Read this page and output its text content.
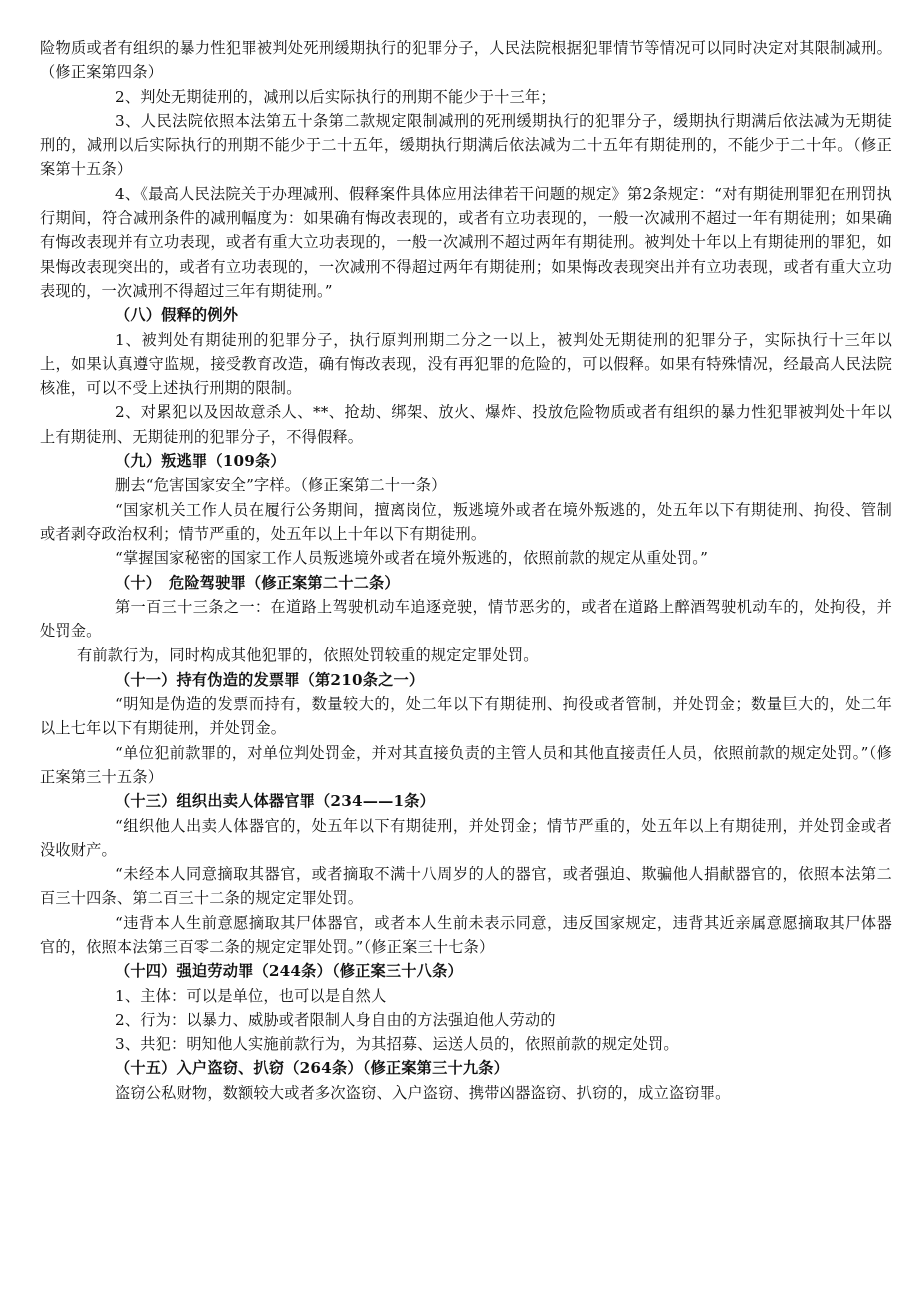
险物质或者有组织的暴力性犯罪被判处死刑缓期执行的犯罪分子，人民法院根据犯罪情节等情况可以同时决定对其限制减刑。（修正案第四条）

2、判处无期徒刑的，减刑以后实际执行的刑期不能少于十三年；

3、人民法院依照本法第五十条第二款规定限制减刑的死刑缓期执行的犯罪分子，缓期执行期满后依法减为无期徒刑的，减刑以后实际执行的刑期不能少于二十五年，缓期执行期满后依法减为二十五年有期徒刑的，不能少于二十年。（修正案第十五条）

4、《最高人民法院关于办理减刑、假释案件具体应用法律若干问题的规定》第2条规定：“对有期徒刑罪犯在刑罚执行期间，符合减刑条件的减刑幅度为：如果确有悔改表现的，或者有立功表现的，一般一次减刑不超过一年有期徒刑；如果确有悔改表现并有立功表现，或者有重大立功表现的，一般一次减刑不超过两年有期徒刑。被判处十年以上有期徒刑的罪犯，如果悔改表现突出的，或者有立功表现的，一次减刑不得超过两年有期徒刑；如果悔改表现突出并有立功表现，或者有重大立功表现的，一次减刑不得超过三年有期徒刑。”

（八）假释的例外

1、被判处有期徒刑的犯罪分子，执行原判刑期二分之一以上，被判处无期徒刑的犯罪分子，实际执行十三年以上，如果认真遵守监规，接受教育改造，确有悔改表现，没有再犯罪的危险的，可以假释。如果有特殊情况，经最高人民法院核准，可以不受上述执行刑期的限制。

2、对累犯以及因故意杀人、**、抢劫、绑架、放火、爆炸、投放危险物质或者有组织的暴力性犯罪被判处十年以上有期徒刑、无期徒刑的犯罪分子，不得假释。

（九）叛逃罪（109条）

删去“危害国家安全”字样。（修正案第二十一条）

“国家机关工作人员在履行公务期间，擅离岗位，叛逃境外或者在境外叛逃的，处五年以下有期徒刑、拘役、管制或者剥夺政治权利；情节严重的，处五年以上十年以下有期徒刑。

“掌握国家秘密的国家工作人员叛逃境外或者在境外叛逃的，依照前款的规定从重处罚。”

（十）　危险驾驶罪（修正案第二十二条）

第一百三十三条之一：在道路上驾驶机动车追逐竞驶，情节恶劣的，或者在道路上醉酒驾驶机动车的，处拘役，并处罚金。

有前款行为，同时构成其他犯罪的，依照处罚较重的规定定罪处罚。

（十一）持有伪造的发票罪（第210条之一）

“明知是伪造的发票而持有，数量较大的，处二年以下有期徒刑、拘役或者管制，并处罚金；数量巨大的，处二年以上七年以下有期徒刑，并处罚金。

“单位犯前款罪的，对单位判处罚金，并对其直接负责的主管人员和其他直接责任人员，依照前款的规定处罚。”（修正案第三十五条）

（十三）组织出卖人体器官罪（234——1条）

“组织他人出卖人体器官的，处五年以下有期徒刑，并处罚金；情节严重的，处五年以上有期徒刑，并处罚金或者没收财产。

“未经本人同意摘取其器官，或者摘取不满十八周岁的人的器官，或者强迫、欺骗他人捐献器官的，依照本法第二百三十四条、第二百三十二条的规定定罪处罚。

“违背本人生前意愿摘取其尸体器官，或者本人生前未表示同意，违反国家规定，违背其近亲属意愿摘取其尸体器官的，依照本法第三百零二条的规定定罪处罚。”（修正案三十七条）

（十四）强迫劳动罪（244条）（修正案三十八条）

1、主体：可以是单位，也可以是自然人

2、行为：以暴力、威胁或者限制人身自由的方法强迫他人劳动的

3、共犯：明知他人实施前款行为，为其招募、运送人员的，依照前款的规定处罚。

（十五）入户盗窃、扒窃（264条）（修正案第三十九条）

盗窃公私财物，数额较大或者多次盗窃、入户盗窃、携带凶器盗窃、扒窃的，成立盗窃罪。
